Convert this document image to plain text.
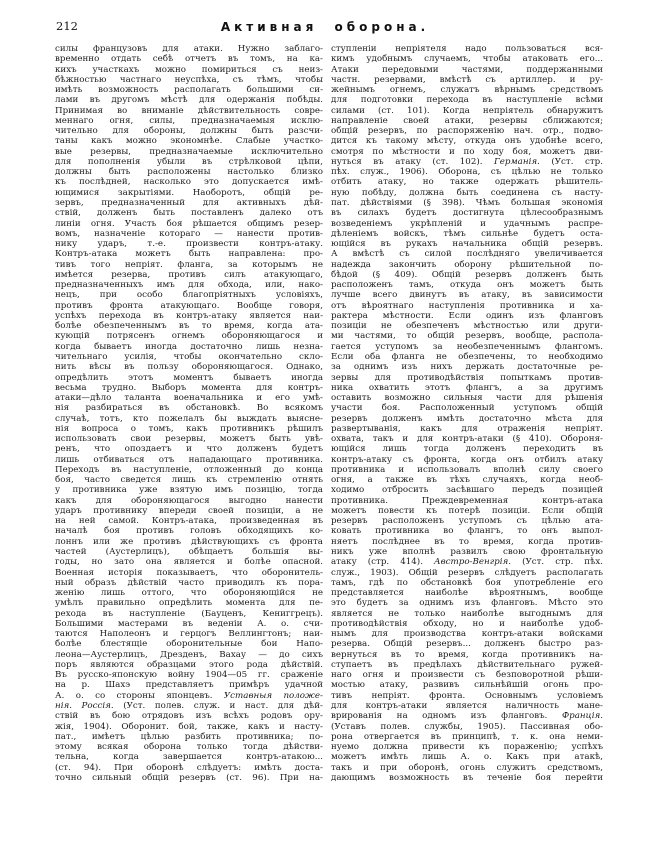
212	Активная оборона.
силы французовъ для атаки. Нужно заблаго-
временно отдать себѣ отчетъ въ томъ, на ка-
кихъ участкахъ можно помириться съ неиз-
бѣжностью частнаго неуспѣха, съ тѣмъ, чтобы
имѣть возможность располагать большими си-
лами въ другомъ мѣстѣ для одержанія побѣды.
Принимая во вниманіе дѣйствительность совре-
меннаго огня, силы, предназначаемыя исклю-
чительно для обороны, должны быть разсчи-
таны какъ можно экономнѣе. Слабые участко-
вые резервы, предназначаемые исключительно
для пополненія убыли въ стрѣлковой цѣпи,
должны быть расположены настолько близко
къ послѣдней, насколько это допускается имѣ-
ющимися закрытіями. Наоборотъ, общій ре-
зервъ, предназначенный для активныхъ дѣй-
ствій, долженъ быть поставленъ далеко отъ
линіи огня. Участь боя рѣшается общимъ резер-
вомъ, назначеніе котораго — нанести против-
нику ударъ, т.-е. произвести контръ-атаку.
Контръ-атака можетъ быть направлена: про-
тивъ того непріят. фланга, за которымъ не
имѣется резерва, противъ силъ атакующаго,
предназначенныхъ имъ для обхода, или, нако-
нецъ, при особо благопріятныхъ условіяхъ,
противъ фронта атакующаго. Вообще говоря,
успѣхъ перехода въ контръ-атаку является наи-
болѣе обезпеченнымъ въ то время, когда ата-
кующій потрясенъ огнемъ обороняющагося и
когда бываетъ иногда достаточно лишь незна-
чительнаго усилія, чтобы окончательно скло-
нить вѣсы въ пользу обороняющагося. Однако,
опредѣлить этотъ моментъ бываетъ иногда
весьма трудно. Выборъ момента для контръ-
атаки—дѣло таланта военачальника и его умѣ-
нія разбираться въ обстановкѣ. Во всякомъ
случаѣ, тотъ, кто пожелалъ бы выждать выясне-
нія вопроса о томъ, какъ противникъ рѣшилъ
использовать свои резервы, можетъ быть увѣ-
ренъ, что опоздаетъ и что долженъ будетъ
лишь отбиваться отъ нападающаго противника.
Переходъ въ наступленіе, отложенный до конца
боя, часто сведется лишь къ стремленію отнять
у противника уже взятую имъ позицію, тогда
какъ для обороняющагося выгодно нанести
ударъ противнику впереди своей позиціи, а не
на ней самой. Контръ-атака, произведенная въ
началѣ боя противъ головъ обходящихъ ко-
лоннъ или же противъ дѣйствующихъ съ фронта
частей (Аустерлицъ), обѣщаетъ большія вы-
годы, но зато она является и болѣе опасной.
Военная исторія показываетъ, что оборонитель-
ный образъ дѣйствій часто приводилъ къ пора-
женію лишь оттого, что обороняющійся не
умѣлъ правильно опредѣлить момента для пе-
рехода въ наступленіе (Бауценъ, Кениггрецъ).
Большими мастерами въ веденіи А. о. счи-
таются Наполеонъ и герцогъ Веллингтонъ; наи-
болѣе блестящіе оборонительные бои Напо-
леона—Аустерлицъ, Дрезденъ, Вахау — до сихъ
поръ являются образцами этого рода дѣйствій.
Въ русско-японскую войну 1904—05 гг. сраженіе
на р. Шахэ представляетъ примѣръ удачной
А. о. со стороны японцевъ. Уставныя положе-
нія. Россія. (Уст. полев. служ. и наст. для дѣй-
ствій въ бою отрядовъ изъ всѣхъ родовъ ору-
жія, 1904). Оборонит. бой, также, какъ и насту-
пат., имѣетъ цѣлью разбить противника; по-
этому всякая оборона только тогда дѣйстви-
тельна, когда завершается контръ-атакою...
(ст. 94). При оборонѣ слѣдуетъ: имѣть доста-
точно сильный общій резервъ (ст. 96). При на-
ступленіи непріятеля надо пользоваться вся-
кимъ удобнымъ случаемъ, чтобы атаковать его...
Атаки передовыми частями, поддержанными
частн. резервами, вмѣстѣ съ артиллер. и ру-
жейнымъ огнемъ, служатъ вѣрнымъ средствомъ
для подготовки перехода въ наступленіе всѣми
силами (ст. 101). Когда непріятель обнаружитъ
направленіе своей атаки, резервы сближаются;
общій резервъ, по распоряженію нач. отр., подво-
дится къ такому мѣсту, откуда онъ удобнѣе всего,
смотря по мѣстности и по ходу боя, можетъ дви-
нуться въ атаку (ст. 102). Германія. (Уст. стр.
пѣх. служ., 1906). Оборона, съ цѣлью не только
отбить атаку, но также одержать рѣшитель-
ную побѣду, должна быть соединена съ насту-
пат. дѣйствіями (§ 398). Чѣмъ большая экономія
въ силахъ будетъ достигнута цѣлесообразнымъ
возведеніемъ укрѣпленій и удачнымъ распре-
дѣленіемъ войскъ, тѣмъ сильнѣе будетъ оста-
ющійся въ рукахъ начальника общій резервъ.
А вмѣстѣ съ силой послѣдняго увеличивается
надежда закончить оборону рѣшительной по-
бѣдой (§ 409). Общій резервъ долженъ быть
расположенъ тамъ, откуда онъ можетъ быть
лучше всего двинутъ въ атаку, въ зависимости
отъ вѣроятнаго наступленія противника и ха-
рактера мѣстности. Если одинъ изъ фланговъ
позиціи не обезпеченъ мѣстностью или други-
ми частями, то общій резервъ, вообще, распола-
гается уступомъ за необезпеченнымъ флангомъ.
Если оба фланга не обезпечены, то необходимо
за однимъ изъ нихъ держать достаточные ре-
зервы для противодѣйствія попыткамъ против-
ника охватить этотъ флангъ, а за другимъ
оставить возможно сильныя части для рѣшенія
участи боя. Расположенный уступомъ общій
резервъ долженъ имѣть достаточно мѣста для
развертыванія, какъ для отраженія непріят.
охвата, такъ и для контръ-атаки (§ 410). Обороня-
ющійся лишь тогда долженъ переходить въ
контръ-атаку съ фронта, когда онъ отбилъ атаку
противника и использовалъ вполнѣ силу своего
огня, а также въ тѣхъ случаяхъ, когда необ-
ходимо отбросить засѣвшаго передъ позиціей
противника. Преждевременная контръ-атака
можетъ повести къ потерѣ позиціи. Если общій
резервъ расположенъ уступомъ съ цѣлью ата-
ковать противника во флангъ, то онъ выпол-
няетъ послѣднее въ то время, когда против-
никъ уже вполнѣ развилъ свою фронтальную
атаку (стр. 414). Австро-Венгрія. (Уст. стр. пѣх.
служ., 1903). Общій резервъ слѣдуетъ располагать
тамъ, гдѣ по обстановкѣ боя употребленіе его
представляется наиболѣе вѣроятнымъ, вообще
это будетъ за однимъ изъ фланговъ. Мѣсто это
является не только наиболѣе выгоднымъ для
противодѣйствія обходу, но и наиболѣе удоб-
нымъ для производства контръ-атаки войсками
резерва. Общій резервъ... долженъ быстро раз-
вернуться въ то время, когда противникъ на-
ступаетъ въ предѣлахъ дѣйствительнаго ружей-
наго огня и произвести съ безповоротной рѣши-
мостью атаку, развивъ сильнѣйшій огонь про-
тивъ непріят. фронта. Основнымъ условіемъ
для контръ-атаки является наличность мане-
врированія на одномъ изъ фланговъ. Франція.
(Уставъ полев. службы, 1905). Пассивная обо-
рона отвергается въ принципѣ, т. к. она неми-
нуемо должна привести къ пораженію; успѣхъ
можетъ имѣть лишь А. о. Какъ при атакѣ,
такъ и при оборонѣ, огонь служитъ средствомъ,
дающимъ возможность въ теченіе боя перейти
